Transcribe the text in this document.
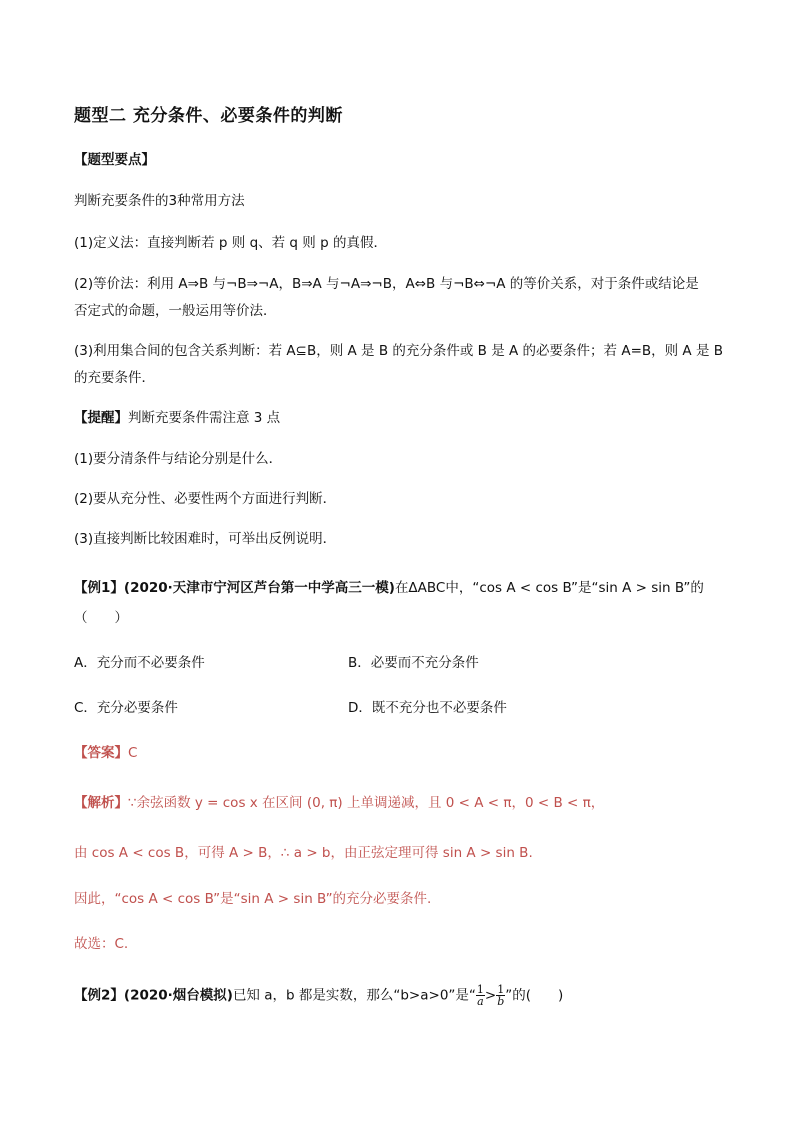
题型二 充分条件、必要条件的判断
【题型要点】
判断充要条件的3种常用方法
(1)定义法：直接判断若 p 则 q、若 q 则 p 的真假．
(2)等价法：利用 A⇒B 与¬B⇒¬A，B⇒A 与¬A⇒¬B，A⇔B 与¬B⇔¬A 的等价关系，对于条件或结论是
否定式的命题，一般运用等价法．
(3)利用集合间的包含关系判断：若 A⊆B，则 A 是 B 的充分条件或 B 是 A 的必要条件；若 A=B，则 A 是 B
的充要条件．
【提醒】判断充要条件需注意 3 点
(1)要分清条件与结论分别是什么．
(2)要从充分性、必要性两个方面进行判断．
(3)直接判断比较困难时，可举出反例说明．
【例1】(2020·天津市宁河区芦台第一中学高三一模)在ΔABC中，“cos A < cos B”是“sin A > sin B”的
（　　）
A．充分而不必要条件	B．必要而不充分条件
C．充分必要条件	D．既不充分也不必要条件
【答案】C
【解析】∵余弦函数 y = cos x 在区间 (0, π) 上单调递减，且 0 < A < π，0 < B < π，
由 cos A < cos B，可得 A > B，∴ a > b，由正弦定理可得 sin A > sin B.
因此，“cos A < cos B”是“sin A > sin B”的充分必要条件.
故选：C.
【例2】(2020·烟台模拟)已知 a，b 都是实数，那么“b>a>0”是“ $\frac{1}{a} > \frac{1}{b}$ ”的(　　)
